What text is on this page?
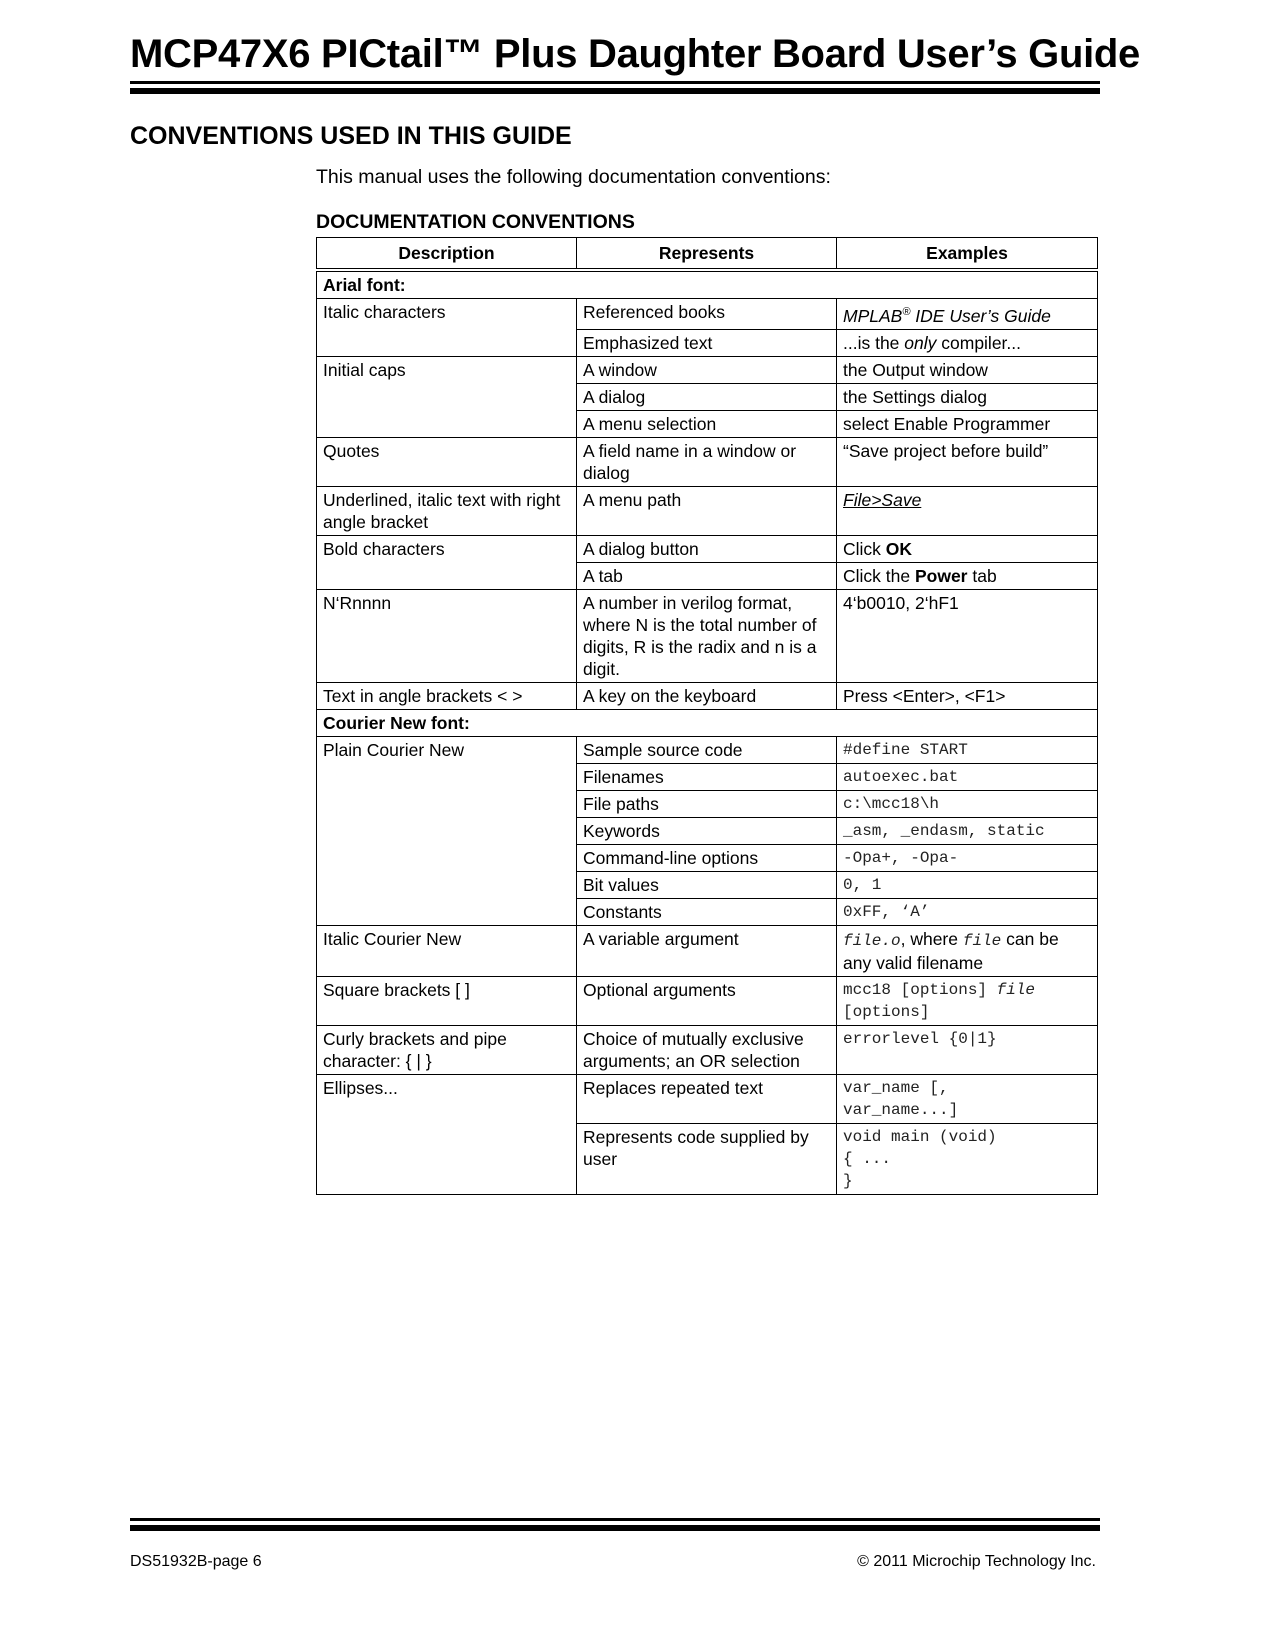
MCP47X6 PICtail™ Plus Daughter Board User’s Guide
CONVENTIONS USED IN THIS GUIDE

This manual uses the following documentation conventions:

DOCUMENTATION CONVENTIONS
Description	Represents	Examples
Arial font:		
Italic characters	Referenced books	MPLAB® IDE User’s Guide
	Emphasized text	...is the only compiler...
Initial caps	A window	the Output window
	A dialog	the Settings dialog
	A menu selection	select Enable Programmer
Quotes	A field name in a window or dialog	“Save project before build”
Underlined, italic text with right angle bracket	A menu path	File>Save
Bold characters	A dialog button	Click OK
	A tab	Click the Power tab
N‘Rnnnn	A number in verilog format, where N is the total number of digits, R is the radix and n is a digit.	4‘b0010, 2‘hF1
Text in angle brackets < >	A key on the keyboard	Press <Enter>, <F1>
Courier New font:		
Plain Courier New	Sample source code	#define START
	Filenames	autoexec.bat
	File paths	c:\mcc18\h
	Keywords	_asm, _endasm, static
	Command-line options	-Opa+, -Opa-
	Bit values	0, 1
	Constants	0xFF, ‘A’
Italic Courier New	A variable argument	file.o, where file can be any valid filename
Square brackets [ ]	Optional arguments	mcc18 [options] file
[options]
Curly brackets and pipe character: { | }	Choice of mutually exclusive arguments; an OR selection	errorlevel {0|1}
Ellipses...	Replaces repeated text	var_name [,
var_name...]
	Represents code supplied by user	void main (void)
{ ...
}

DS51932B-page 6	© 2011 Microchip Technology Inc.
